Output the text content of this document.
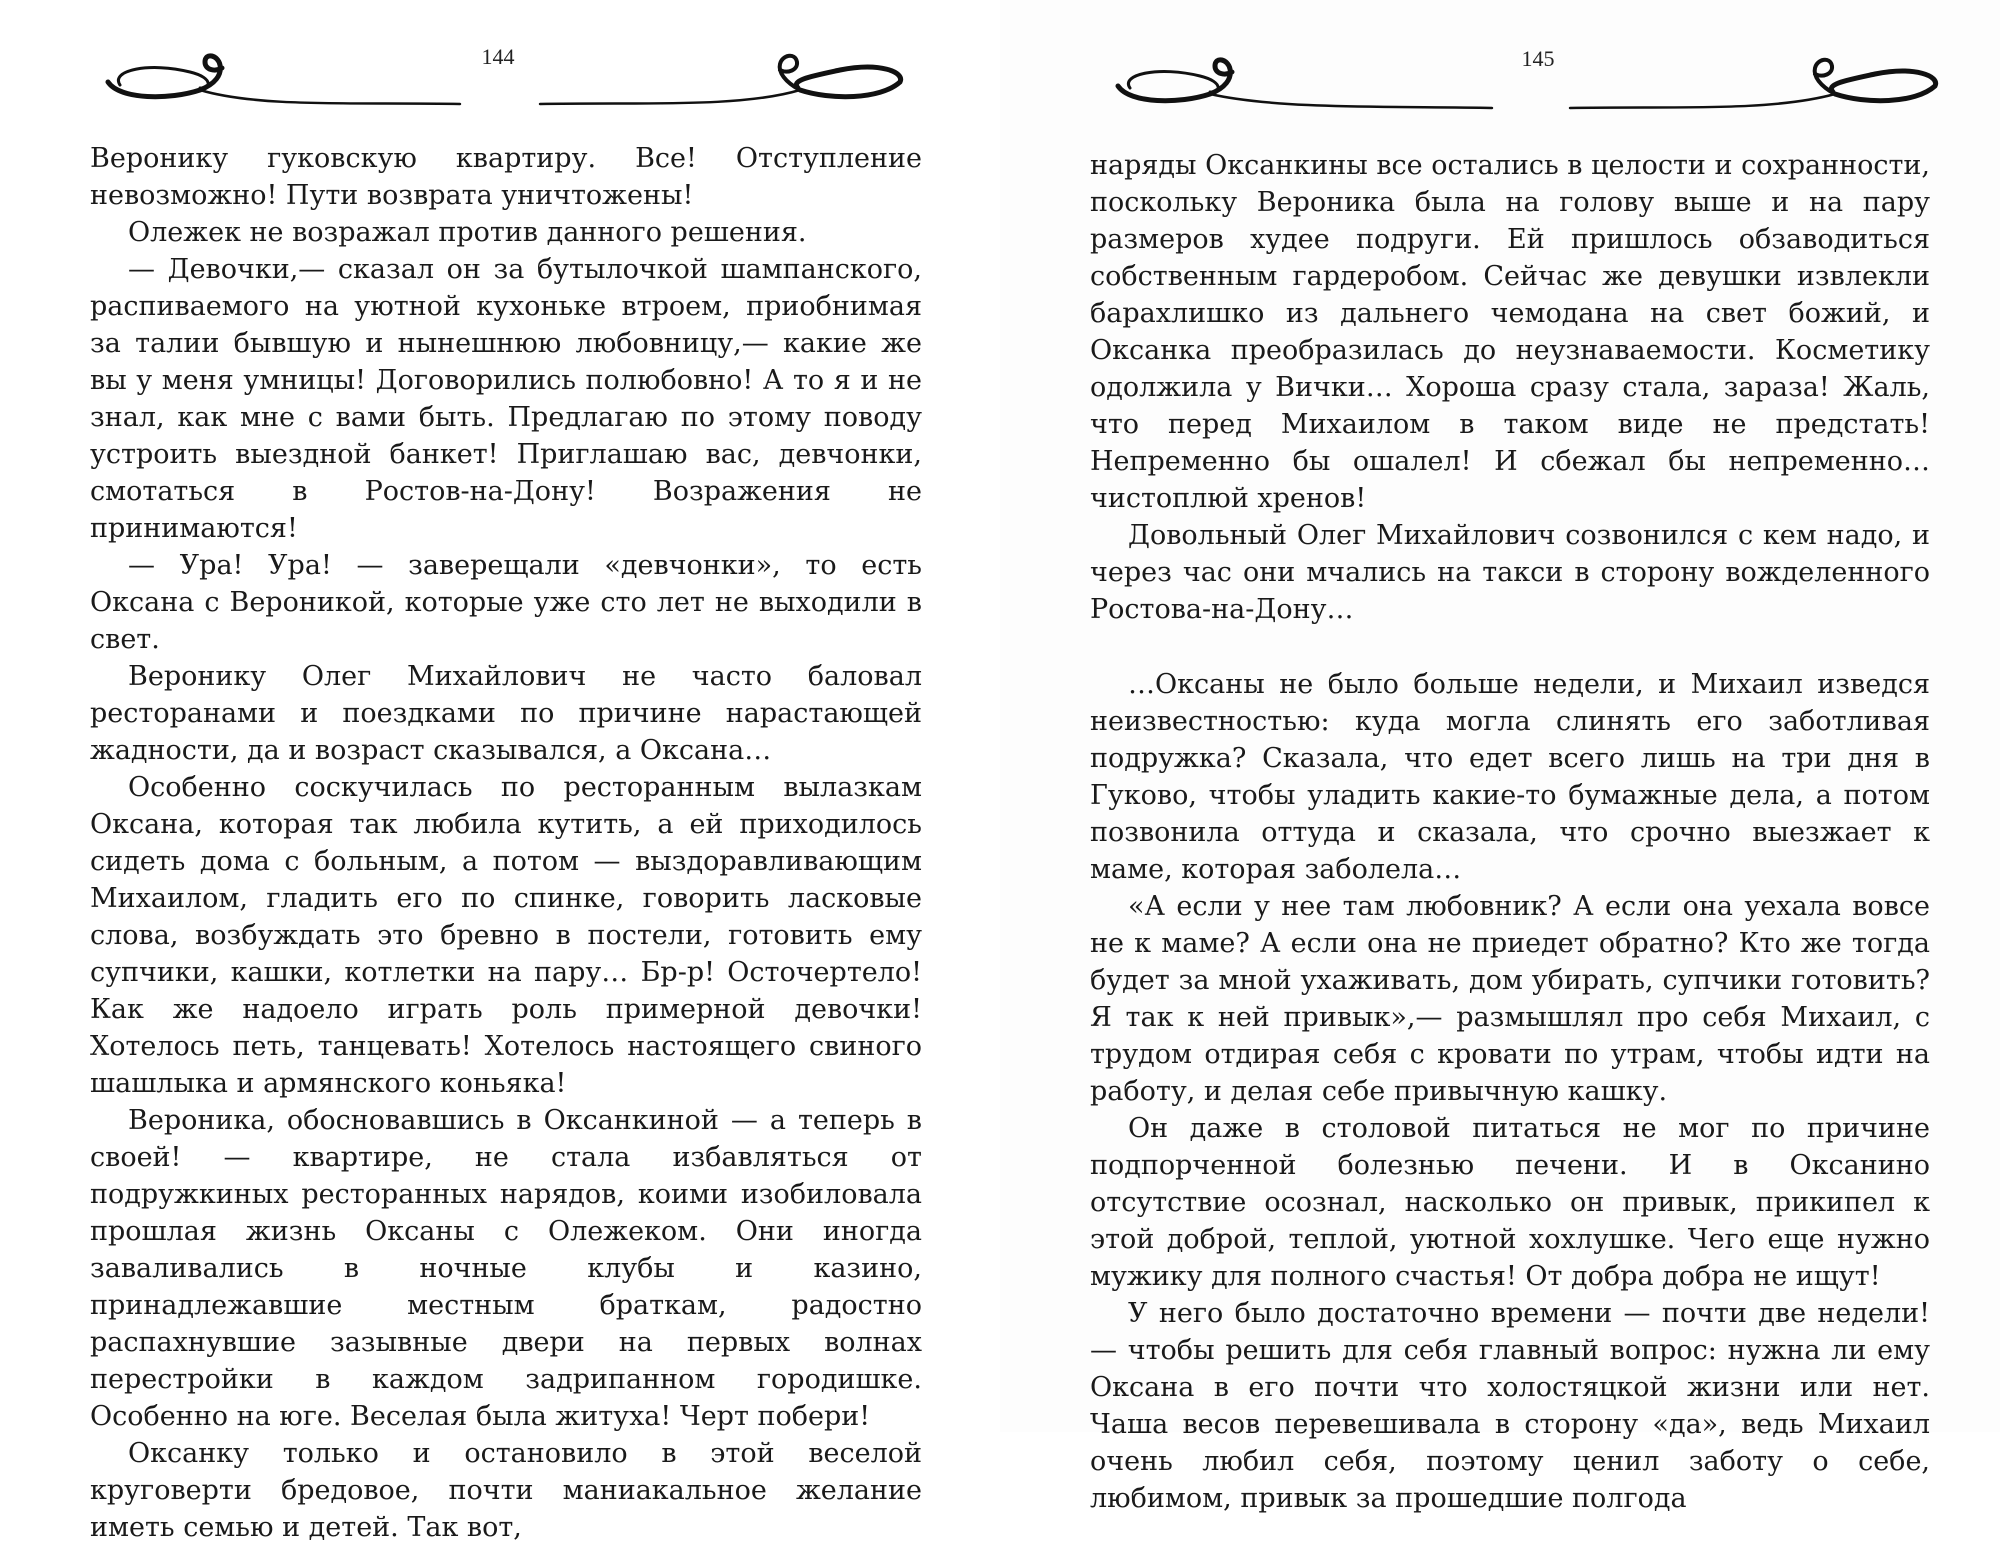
144

Веронику гуковскую квартиру. Все! Отступление невозможно! Пути возврата уничтожены!

Олежек не возражал против данного решения.

— Девочки,— сказал он за бутылочкой шампанского, распиваемого на уютной кухоньке втроем, приобнимая за талии бывшую и нынешнюю любовницу,— какие же вы у меня умницы! Договорились полюбовно! А то я и не знал, как мне с вами быть. Предлагаю по этому поводу устроить выездной банкет! Приглашаю вас, девчонки, смотаться в Ростов-на-Дону! Возражения не принимаются!

— Ура! Ура! — заверещали «девчонки», то есть Оксана с Вероникой, которые уже сто лет не выходили в свет.

Веронику Олег Михайлович не часто баловал ресторанами и поездками по причине нарастающей жадности, да и возраст сказывался, а Оксана…

Особенно соскучилась по ресторанным вылазкам Оксана, которая так любила кутить, а ей приходилось сидеть дома с больным, а потом — выздоравливающим Михаилом, гладить его по спинке, говорить ласковые слова, возбуждать это бревно в постели, готовить ему супчики, кашки, котлетки на пару… Бр-р! Осточертело! Как же надоело играть роль примерной девочки! Хотелось петь, танцевать! Хотелось настоящего свиного шашлыка и армянского коньяка!

Вероника, обосновавшись в Оксанкиной — а теперь в своей! — квартире, не стала избавляться от подружкиных ресторанных нарядов, коими изобиловала прошлая жизнь Оксаны с Олежеком. Они иногда заваливались в ночные клубы и казино, принадлежавшие местным браткам, радостно распахнувшие зазывные двери на первых волнах перестройки в каждом задрипанном городишке. Особенно на юге. Веселая была житуха! Черт побери!

Оксанку только и остановило в этой веселой круговерти бредовое, почти маниакальное желание иметь семью и детей. Так вот,

145

наряды Оксанкины все остались в целости и сохранности, поскольку Вероника была на голову выше и на пару размеров худее подруги. Ей пришлось обзаводиться собственным гардеробом. Сейчас же девушки извлекли барахлишко из дальнего чемодана на свет божий, и Оксанка преобразилась до неузнаваемости. Косметику одолжила у Вички… Хороша сразу стала, зараза! Жаль, что перед Михаилом в таком виде не предстать! Непременно бы ошалел! И сбежал бы непременно… чистоплюй хренов!

Довольный Олег Михайлович созвонился с кем надо, и через час они мчались на такси в сторону вожделенного Ростова-на-Дону…

…Оксаны не было больше недели, и Михаил изведся неизвестностью: куда могла слинять его заботливая подружка? Сказала, что едет всего лишь на три дня в Гуково, чтобы уладить какие-то бумажные дела, а потом позвонила оттуда и сказала, что срочно выезжает к маме, которая заболела…

«А если у нее там любовник? А если она уехала вовсе не к маме? А если она не приедет обратно? Кто же тогда будет за мной ухаживать, дом убирать, супчики готовить? Я так к ней привык»,— размышлял про себя Михаил, с трудом отдирая себя с кровати по утрам, чтобы идти на работу, и делая себе привычную кашку.

Он даже в столовой питаться не мог по причине подпорченной болезнью печени. И в Оксанино отсутствие осознал, насколько он привык, прикипел к этой доброй, теплой, уютной хохлушке. Чего еще нужно мужику для полного счастья! От добра добра не ищут!

У него было достаточно времени — почти две недели! — чтобы решить для себя главный вопрос: нужна ли ему Оксана в его почти что холостяцкой жизни или нет. Чаша весов перевешивала в сторону «да», ведь Михаил очень любил себя, поэтому ценил заботу о себе, любимом, привык за прошедшие полгода
